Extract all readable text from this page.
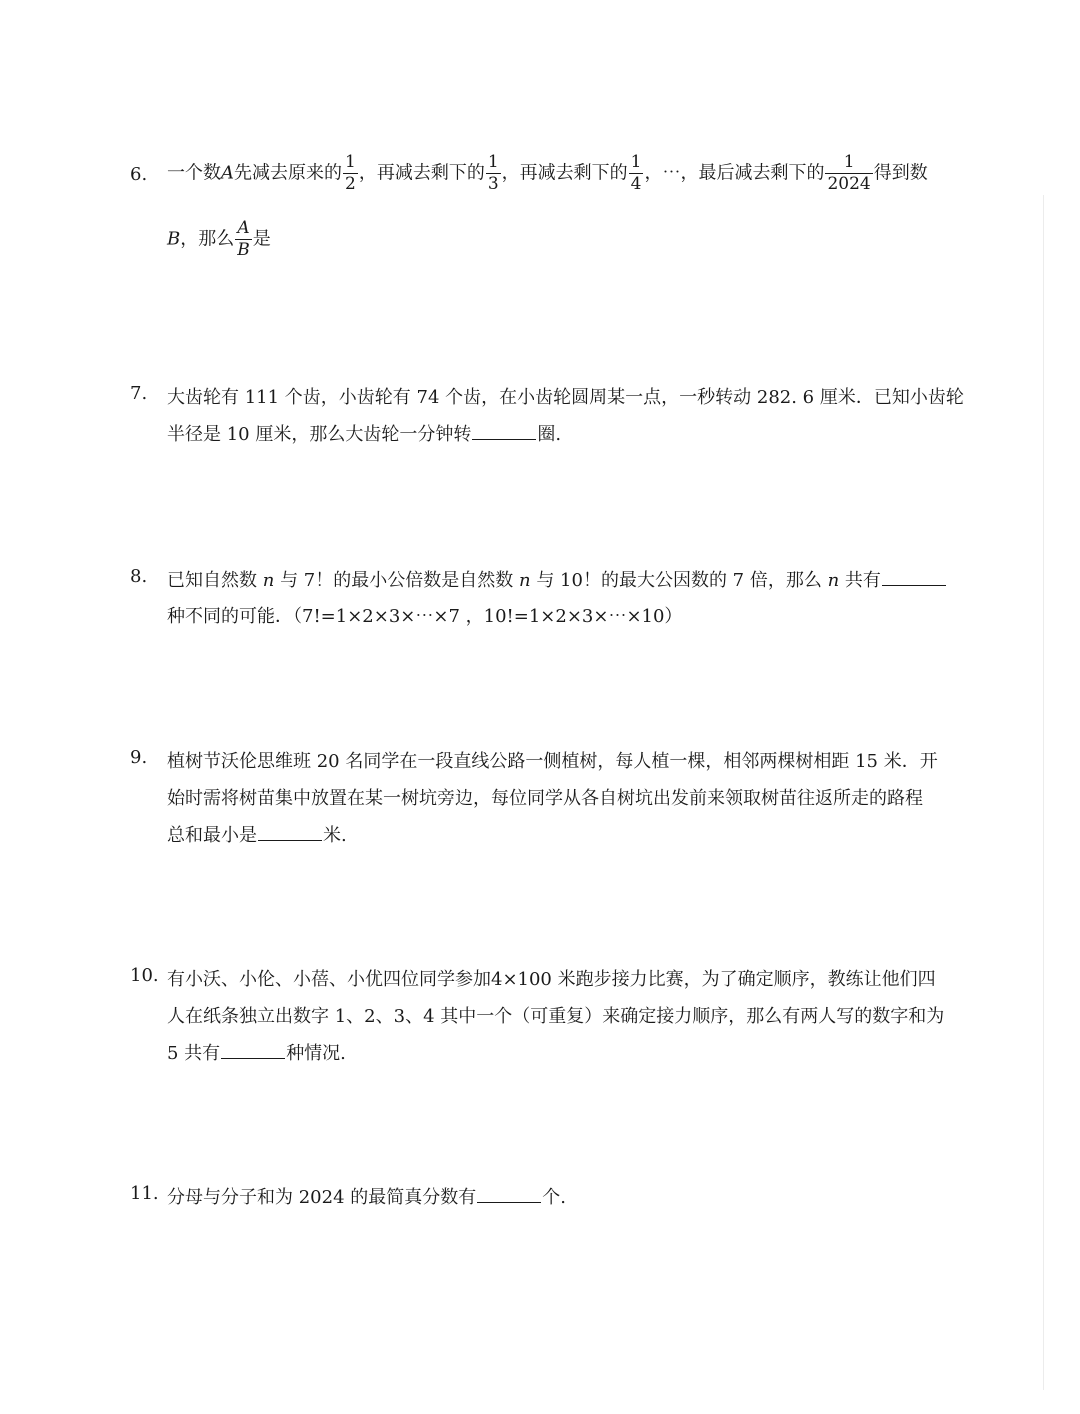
6. 一个数A先减去原来的 $\frac{1}{2}$ ，再减去剩下的 $\frac{1}{3}$ ，再减去剩下的 $\frac{1}{4}$ ，⋯，最后减去剩下的 $\frac{1}{2024}$ 得到数
B，那么 $\frac{A}{B}$ 是
7. 大齿轮有 111 个齿，小齿轮有 74 个齿，在小齿轮圆周某一点，一秒转动 282. 6 厘米．已知小齿轮
半径是 10 厘米，那么大齿轮一分钟转	圈.
8. 已知自然数 n 与 7！的最小公倍数是自然数 n 与 10！的最大公因数的 7 倍，那么 n 共有
种不同的可能．（7!=1×2×3×⋯×7 ，10!=1×2×3×⋯×10）
9. 植树节沃伦思维班 20 名同学在一段直线公路一侧植树，每人植一棵，相邻两棵树相距 15 米．开
始时需将树苗集中放置在某一树坑旁边，每位同学从各自树坑出发前来领取树苗往返所走的路程
总和最小是	米.
10. 有小沃、小伦、小蓓、小优四位同学参加4×100 米跑步接力比赛，为了确定顺序，教练让他们四
人在纸条独立出数字 1、2、3、4 其中一个（可重复）来确定接力顺序，那么有两人写的数字和为
5 共有	种情况.
11. 分母与分子和为 2024 的最简真分数有	个.
